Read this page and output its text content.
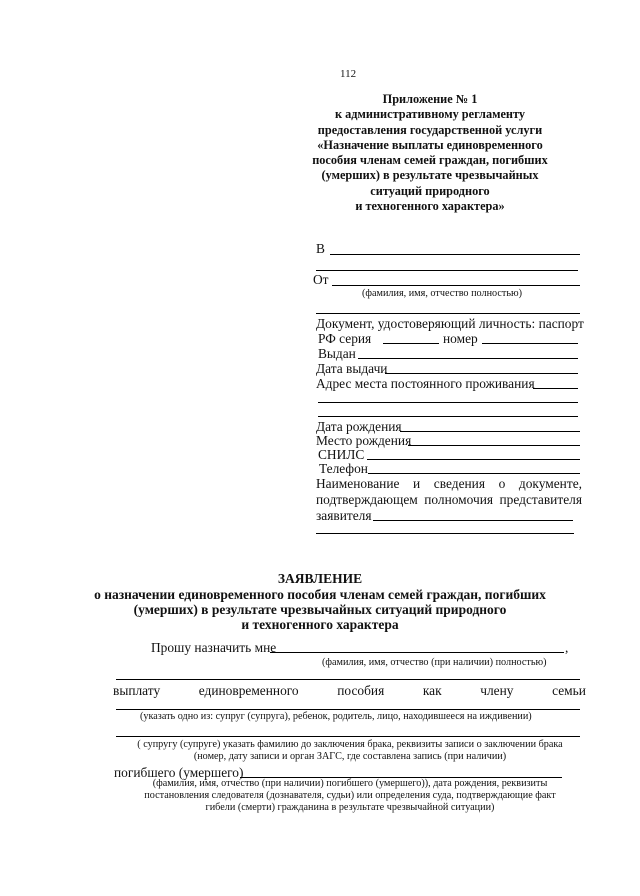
112
Приложение № 1
к административному регламенту
предоставления государственной услуги
«Назначение выплаты единовременного
пособия членам семей граждан, погибших
(умерших) в результате чрезвычайных
ситуаций природного
и техногенного характера»
В
От
(фамилия, имя, отчество полностью)
Документ, удостоверяющий личность: паспорт
РФ серия	номер
Выдан
Дата выдачи
Адрес места постоянного проживания
Дата рождения
Место рождения
СНИЛС
Телефон
Наименование и сведения о документе, подтверждающем полномочия представителя
заявителя
ЗАЯВЛЕНИЕ
о назначении единовременного пособия членам семей граждан, погибших
(умерших) в результате чрезвычайных ситуаций природного
и техногенного характера
Прошу назначить мне	,
(фамилия, имя, отчество (при наличии) полностью)
выплату	единовременного	пособия	как	члену	семьи
(указать одно из: супруг (супруга), ребенок, родитель, лицо, находившееся на иждивении)
( супругу (супруге) указать фамилию до заключения брака, реквизиты записи о заключении брака
(номер, дату записи и орган ЗАГС, где составлена запись (при наличии)
погибшего (умершего)
(фамилия, имя, отчество (при наличии) погибшего (умершего)), дата рождения, реквизиты
постановления следователя (дознавателя, судьи) или определения суда, подтверждающие факт
гибели (смерти) гражданина в результате чрезвычайной ситуации)
